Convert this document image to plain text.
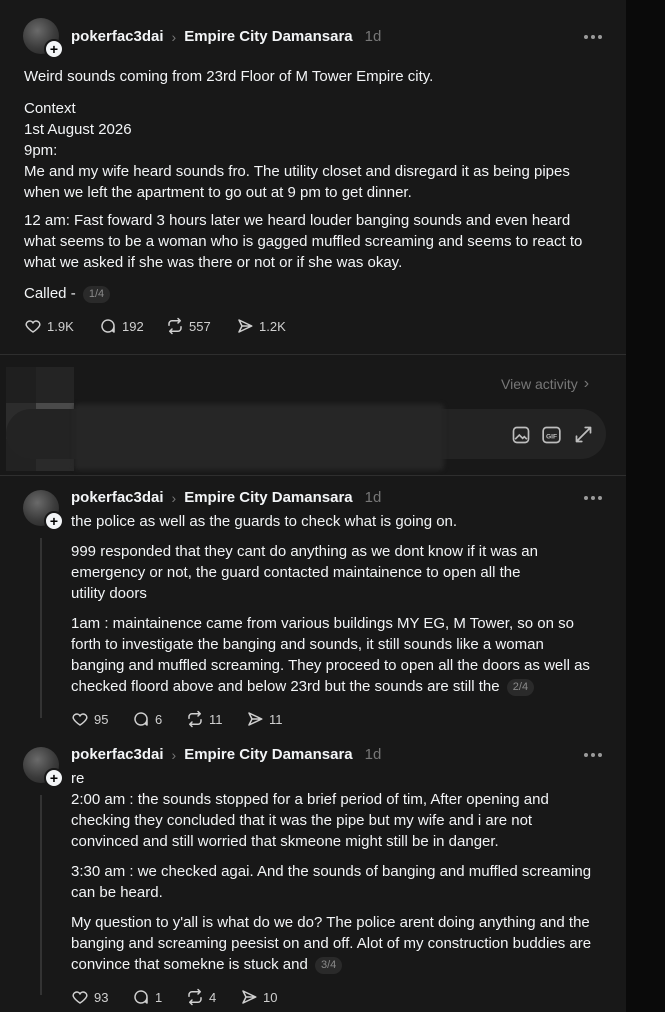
+
pokerfac3dai › Empire City Damansara 1d
Weird sounds coming from 23rd Floor of M Tower Empire city.
Context
1st August 2026
9pm:
Me and my wife heard sounds fro. The utility closet and disregard it as being pipes
when we left the apartment to go out at 9 pm to get dinner.
12 am: Fast foward 3 hours later we heard louder banging sounds and even heard
what seems to be a woman who is gagged muffled screaming and seems to react to
what we asked if she was there or not or if she was okay.
Called - 1/4
1.9K	192	557	1.2K
View activity ›
GIF
+
pokerfac3dai › Empire City Damansara 1d
the police as well as the guards to check what is going on.
999 responded that they cant do anything as we dont know if it was an
emergency or not, the guard contacted maintainence to open all the
utility doors
1am : maintainence came from various buildings MY EG, M Tower, so on so
forth to investigate the banging and sounds, it still sounds like a woman
banging and muffled screaming. They proceed to open all the doors as well as
checked floord above and below 23rd but the sounds are still the 2/4
95	6	11	11
+
pokerfac3dai › Empire City Damansara 1d
re
2:00 am : the sounds stopped for a brief period of tim, After opening and
checking they concluded that it was the pipe but my wife and i are not
convinced and still worried that skmeone might still be in danger.
3:30 am : we checked agai. And the sounds of banging and muffled screaming
can be heard.
My question to y'all is what do we do? The police arent doing anything and the
banging and screaming peesist on and off. Alot of my construction buddies are
convince that somekne is stuck and 3/4
93	1	4	10
